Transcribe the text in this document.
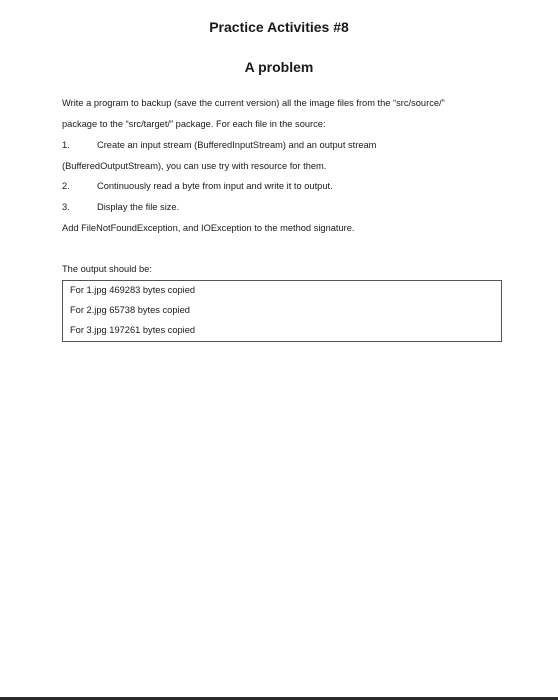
Practice Activities #8
A problem
Write a program to backup (save the current version) all the image files from the “src/source/”
package to the “src/target/” package. For each file in the source:
1.	Create an input stream (BufferedInputStream) and an output stream
(BufferedOutputStream), you can use try with resource for them.
2.	Continuously read a byte from input and write it to output.
3.	Display the file size.
Add FileNotFoundException, and IOException to the method signature.
The output should be:
For 1.jpg 469283 bytes copied
For 2.jpg 65738 bytes copied
For 3.jpg 197261 bytes copied
